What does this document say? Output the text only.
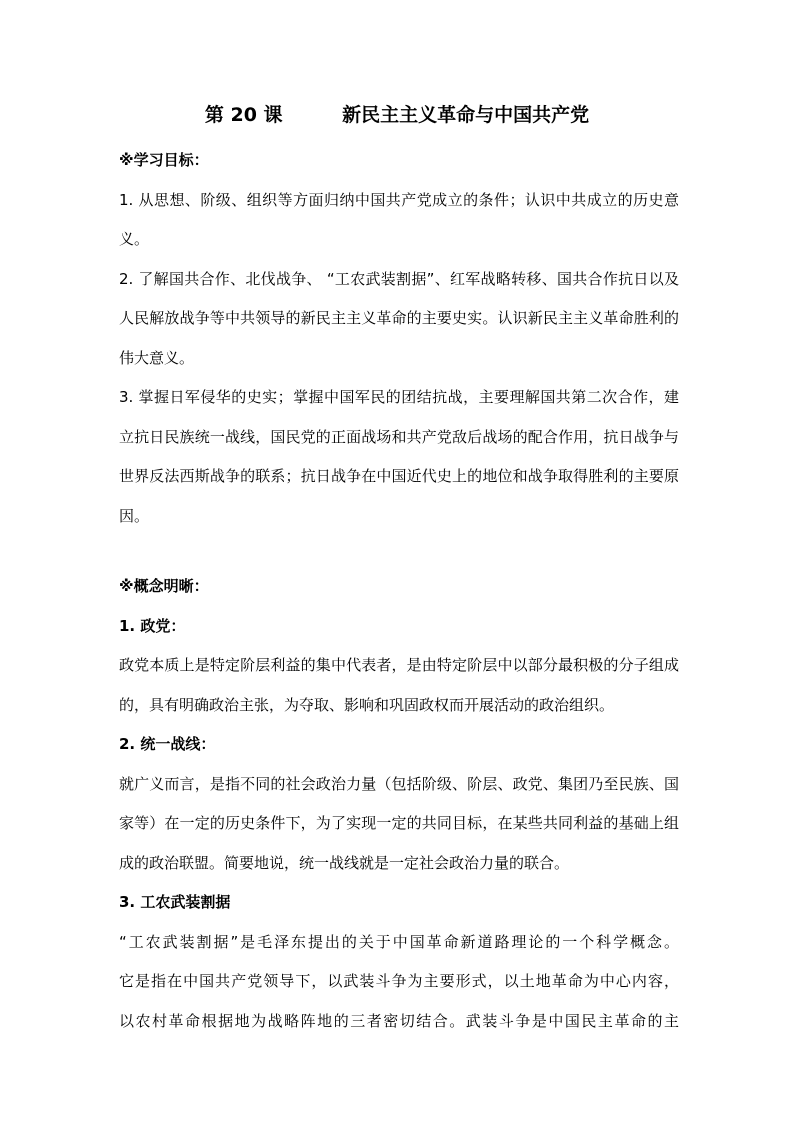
第 20 课         新民主主义革命与中国共产党
※学习目标：
1. 从思想、阶级、组织等方面归纳中国共产党成立的条件；认识中共成立的历史意
义。
2. 了解国共合作、北伐战争、 “工农武装割据”、红军战略转移、国共合作抗日以及
人民解放战争等中共领导的新民主主义革命的主要史实。认识新民主主义革命胜利的
伟大意义。
3. 掌握日军侵华的史实；掌握中国军民的团结抗战，主要理解国共第二次合作，建
立抗日民族统一战线，国民党的正面战场和共产党敌后战场的配合作用，抗日战争与
世界反法西斯战争的联系；抗日战争在中国近代史上的地位和战争取得胜利的主要原
因。
※概念明晰：
1. 政党：
政党本质上是特定阶层利益的集中代表者，是由特定阶层中以部分最积极的分子组成
的，具有明确政治主张，为夺取、影响和巩固政权而开展活动的政治组织。
2. 统一战线：
就广义而言，是指不同的社会政治力量（包括阶级、阶层、政党、集团乃至民族、国
家等）在一定的历史条件下，为了实现一定的共同目标，在某些共同利益的基础上组
成的政治联盟。简要地说，统一战线就是一定社会政治力量的联合。
3. 工农武装割据
“工农武装割据”是毛泽东提出的关于中国革命新道路理论的一个科学概念。
它是指在中国共产党领导下，以武装斗争为主要形式，以土地革命为中心内容，
以农村革命根据地为战略阵地的三者密切结合。武装斗争是中国民主革命的主
